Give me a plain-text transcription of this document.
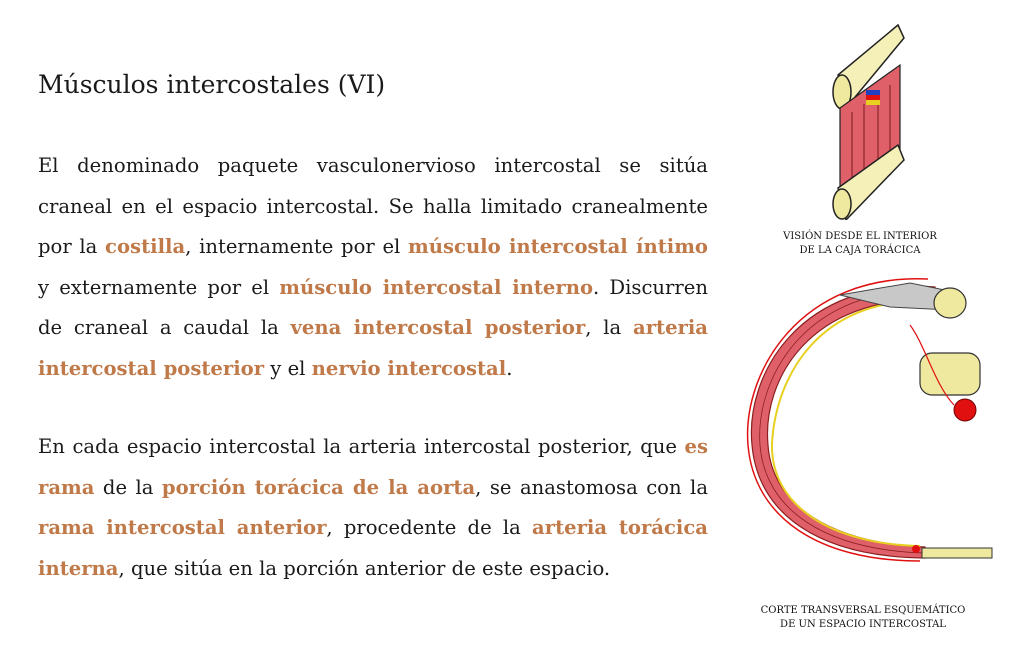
Músculos intercostales (VI)

El denominado paquete vasculonervioso intercostal se sitúa craneal en el espacio intercostal. Se halla limitado cranealmente por la costilla, internamente por el músculo intercostal íntimo y externamente por el músculo intercostal interno. Discurren de craneal a caudal la vena intercostal posterior, la arteria intercostal posterior y el nervio intercostal.

En cada espacio intercostal la arteria intercostal posterior, que es rama de la porción torácica de la aorta, se anastomosa con la rama intercostal anterior, procedente de la arteria torácica interna, que sitúa en la porción anterior de este espacio.

VISIÓN DESDE EL INTERIOR
DE LA CAJA TORÁCICA
CORTE TRANSVERSAL ESQUEMÁTICO
DE UN ESPACIO INTERCOSTAL
